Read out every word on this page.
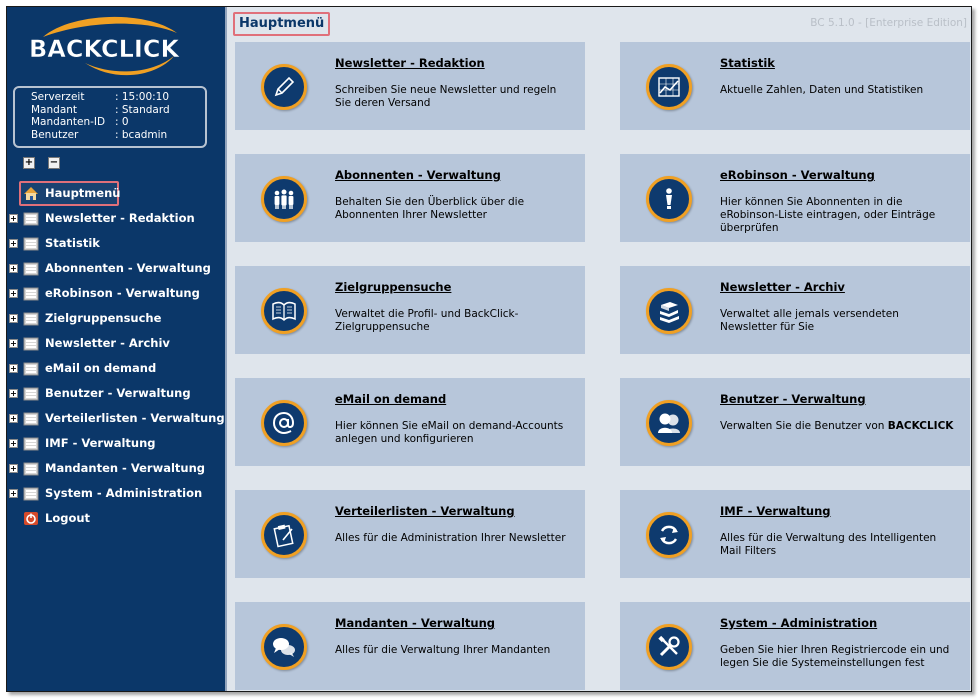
BACKCLICK
Serverzeit	: 15:00:10
Mandant	: Standard
Mandanten-ID : 0
Benutzer	: bcadmin
+ −
Hauptmenü
+ Newsletter - Redaktion
+ Statistik
+ Abonnenten - Verwaltung
+ eRobinson - Verwaltung
+ Zielgruppensuche
+ Newsletter - Archiv
+ eMail on demand
+ Benutzer - Verwaltung
+ Verteilerlisten - Verwaltung
+ IMF - Verwaltung
+ Mandanten - Verwaltung
+ System - Administration
Logout
Hauptmenü	BC 5.1.0 - [Enterprise Edition]
Newsletter - Redaktion
Schreiben Sie neue Newsletter und regeln Sie deren Versand
Statistik
Aktuelle Zahlen, Daten und Statistiken
Abonnenten - Verwaltung
Behalten Sie den Überblick über die Abonnenten Ihrer Newsletter
eRobinson - Verwaltung
Hier können Sie Abonnenten in die eRobinson-Liste eintragen, oder Einträge überprüfen
Zielgruppensuche
Verwaltet die Profil- und BackClick-Zielgruppensuche
Newsletter - Archiv
Verwaltet alle jemals versendeten Newsletter für Sie
eMail on demand
Hier können Sie eMail on demand-Accounts anlegen und konfigurieren
Benutzer - Verwaltung
Verwalten Sie die Benutzer von BACKCLICK
Verteilerlisten - Verwaltung
Alles für die Administration Ihrer Newsletter
IMF - Verwaltung
Alles für die Verwaltung des Intelligenten Mail Filters
Mandanten - Verwaltung
Alles für die Verwaltung Ihrer Mandanten
System - Administration
Geben Sie hier Ihren Registriercode ein und legen Sie die Systemeinstellungen fest
